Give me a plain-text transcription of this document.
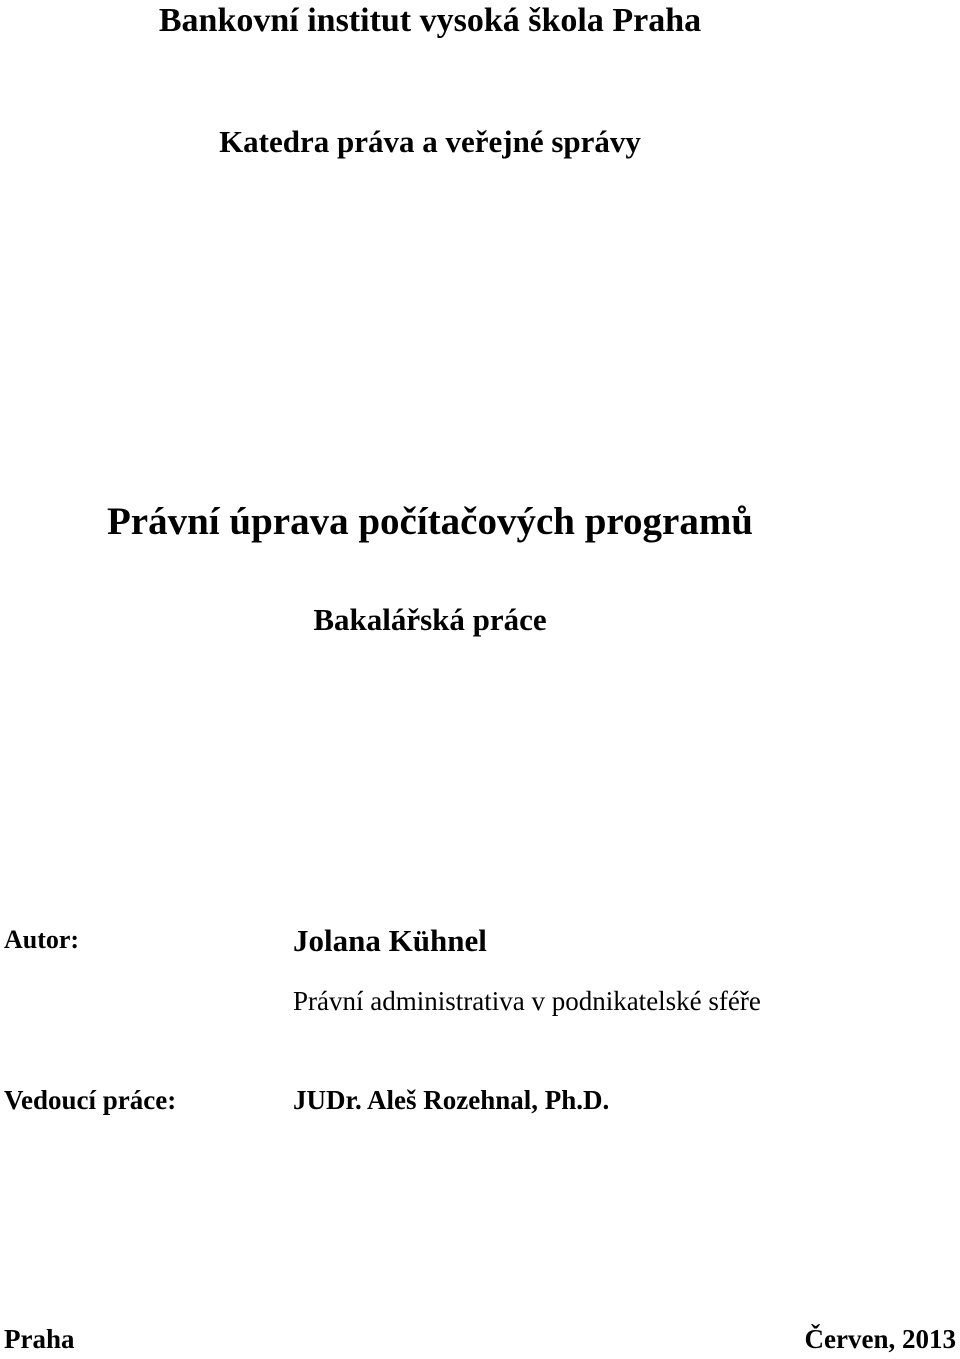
Bankovní institut vysoká škola Praha
Katedra práva a veřejné správy
Právní úprava počítačových programů
Bakalářská práce
Autor:	Jolana Kühnel
Právní administrativa v podnikatelské sféře
Vedoucí práce:	JUDr. Aleš Rozehnal, Ph.D.
Praha	Červen, 2013
